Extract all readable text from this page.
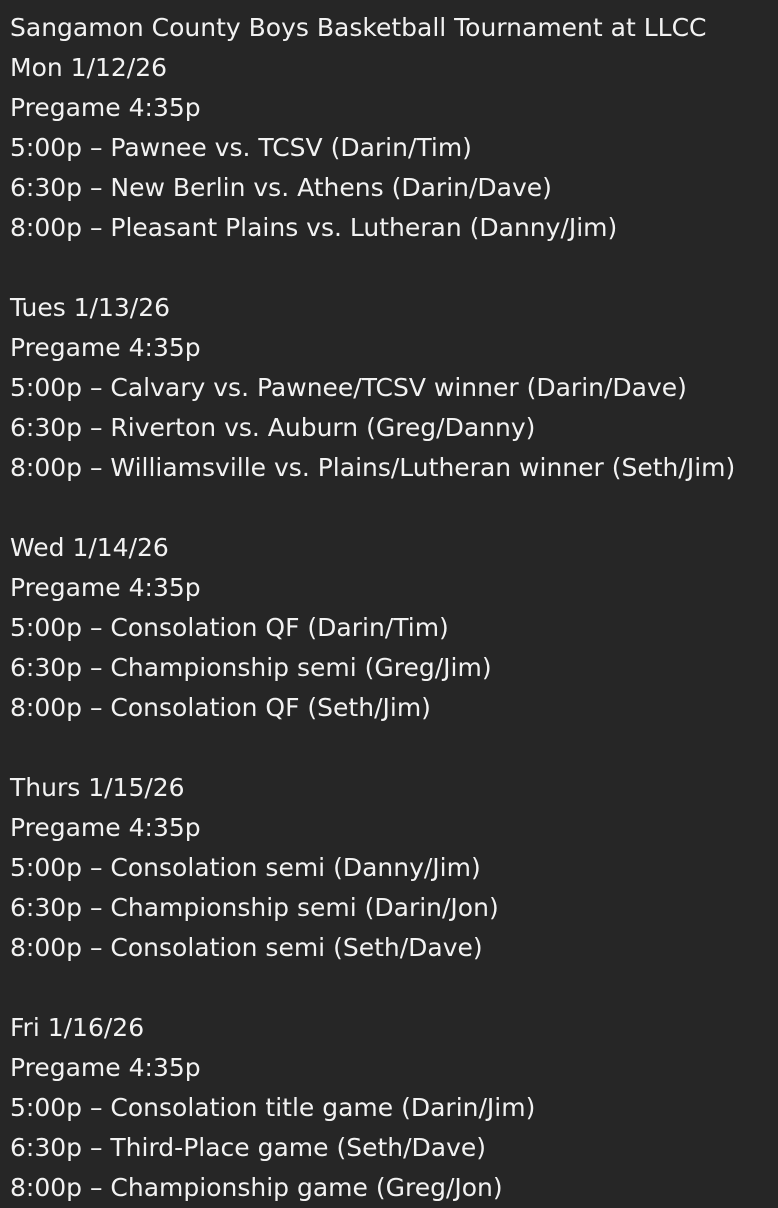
Sangamon County Boys Basketball Tournament at LLCC
Mon 1/12/26
Pregame 4:35p
5:00p – Pawnee vs. TCSV (Darin/Tim)
6:30p – New Berlin vs. Athens (Darin/Dave)
8:00p – Pleasant Plains vs. Lutheran (Danny/Jim)
Tues 1/13/26
Pregame 4:35p
5:00p – Calvary vs. Pawnee/TCSV winner (Darin/Dave)
6:30p – Riverton vs. Auburn (Greg/Danny)
8:00p – Williamsville vs. Plains/Lutheran winner (Seth/Jim)
Wed 1/14/26
Pregame 4:35p
5:00p – Consolation QF (Darin/Tim)
6:30p – Championship semi (Greg/Jim)
8:00p – Consolation QF (Seth/Jim)
Thurs 1/15/26
Pregame 4:35p
5:00p – Consolation semi (Danny/Jim)
6:30p – Championship semi (Darin/Jon)
8:00p – Consolation semi (Seth/Dave)
Fri 1/16/26
Pregame 4:35p
5:00p – Consolation title game (Darin/Jim)
6:30p – Third-Place game (Seth/Dave)
8:00p – Championship game (Greg/Jon)
